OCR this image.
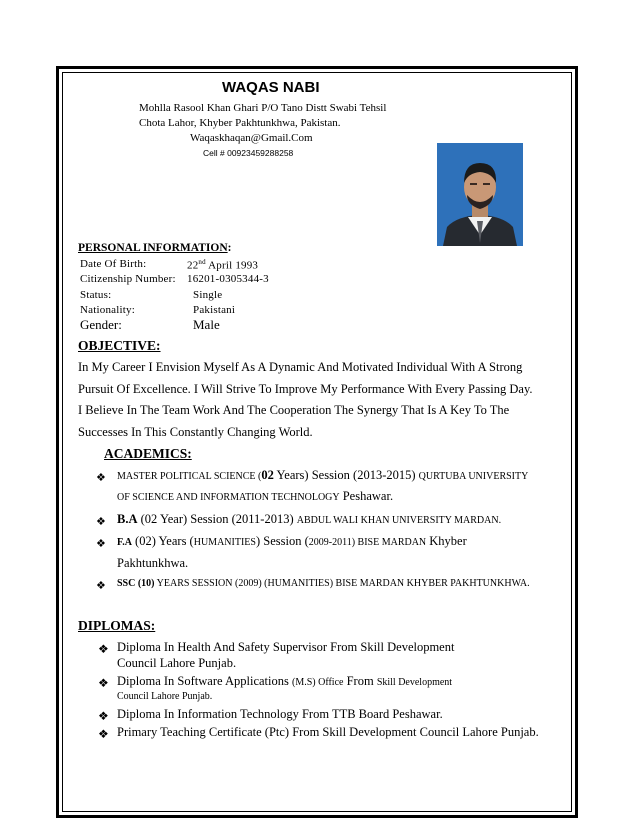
WAQAS NABI
Mohlla Rasool Khan Ghari P/O Tano Distt Swabi Tehsil
Chota Lahor, Khyber Pakhtunkhwa, Pakistan.
Waqaskhaqan@Gmail.Com
Cell # 00923459288258
PERSONAL INFORMATION:
Date Of Birth:	22nd April 1993
Citizenship Number: 16201-0305344-3
Status:	Single
Nationality:	Pakistani
Gender:	Male
OBJECTIVE:
In My Career I Envision Myself As A Dynamic And Motivated Individual With A Strong
Pursuit Of Excellence. I Will Strive To Improve My Performance With Every Passing Day.
I Believe In The Team Work And The Cooperation The Synergy That Is A Key To The
Successes In This Constantly Changing World.
ACADEMICS:
❖ MASTER POLITICAL SCIENCE (02 Years) Session (2013-2015) QURTUBA UNIVERSITY
OF SCIENCE AND INFORMATION TECHNOLOGY Peshawar.
❖ B.A (02 Year) Session (2011-2013) ABDUL WALI KHAN UNIVERSITY MARDAN.
❖ F.A (02) Years (HUMANITIES) Session (2009-2011) BISE MARDAN Khyber
Pakhtunkhwa.
❖ SSC (10) YEARS SESSION (2009) (HUMANITIES) BISE MARDAN KHYBER PAKHTUNKHWA.
DIPLOMAS:
❖ Diploma In Health And Safety Supervisor From Skill Development
Council Lahore Punjab.
❖ Diploma In Software Applications (M.S) Office From Skill Development
Council Lahore Punjab.
❖ Diploma In Information Technology From TTB Board Peshawar.
❖ Primary Teaching Certificate (Ptc) From Skill Development Council Lahore Punjab.
